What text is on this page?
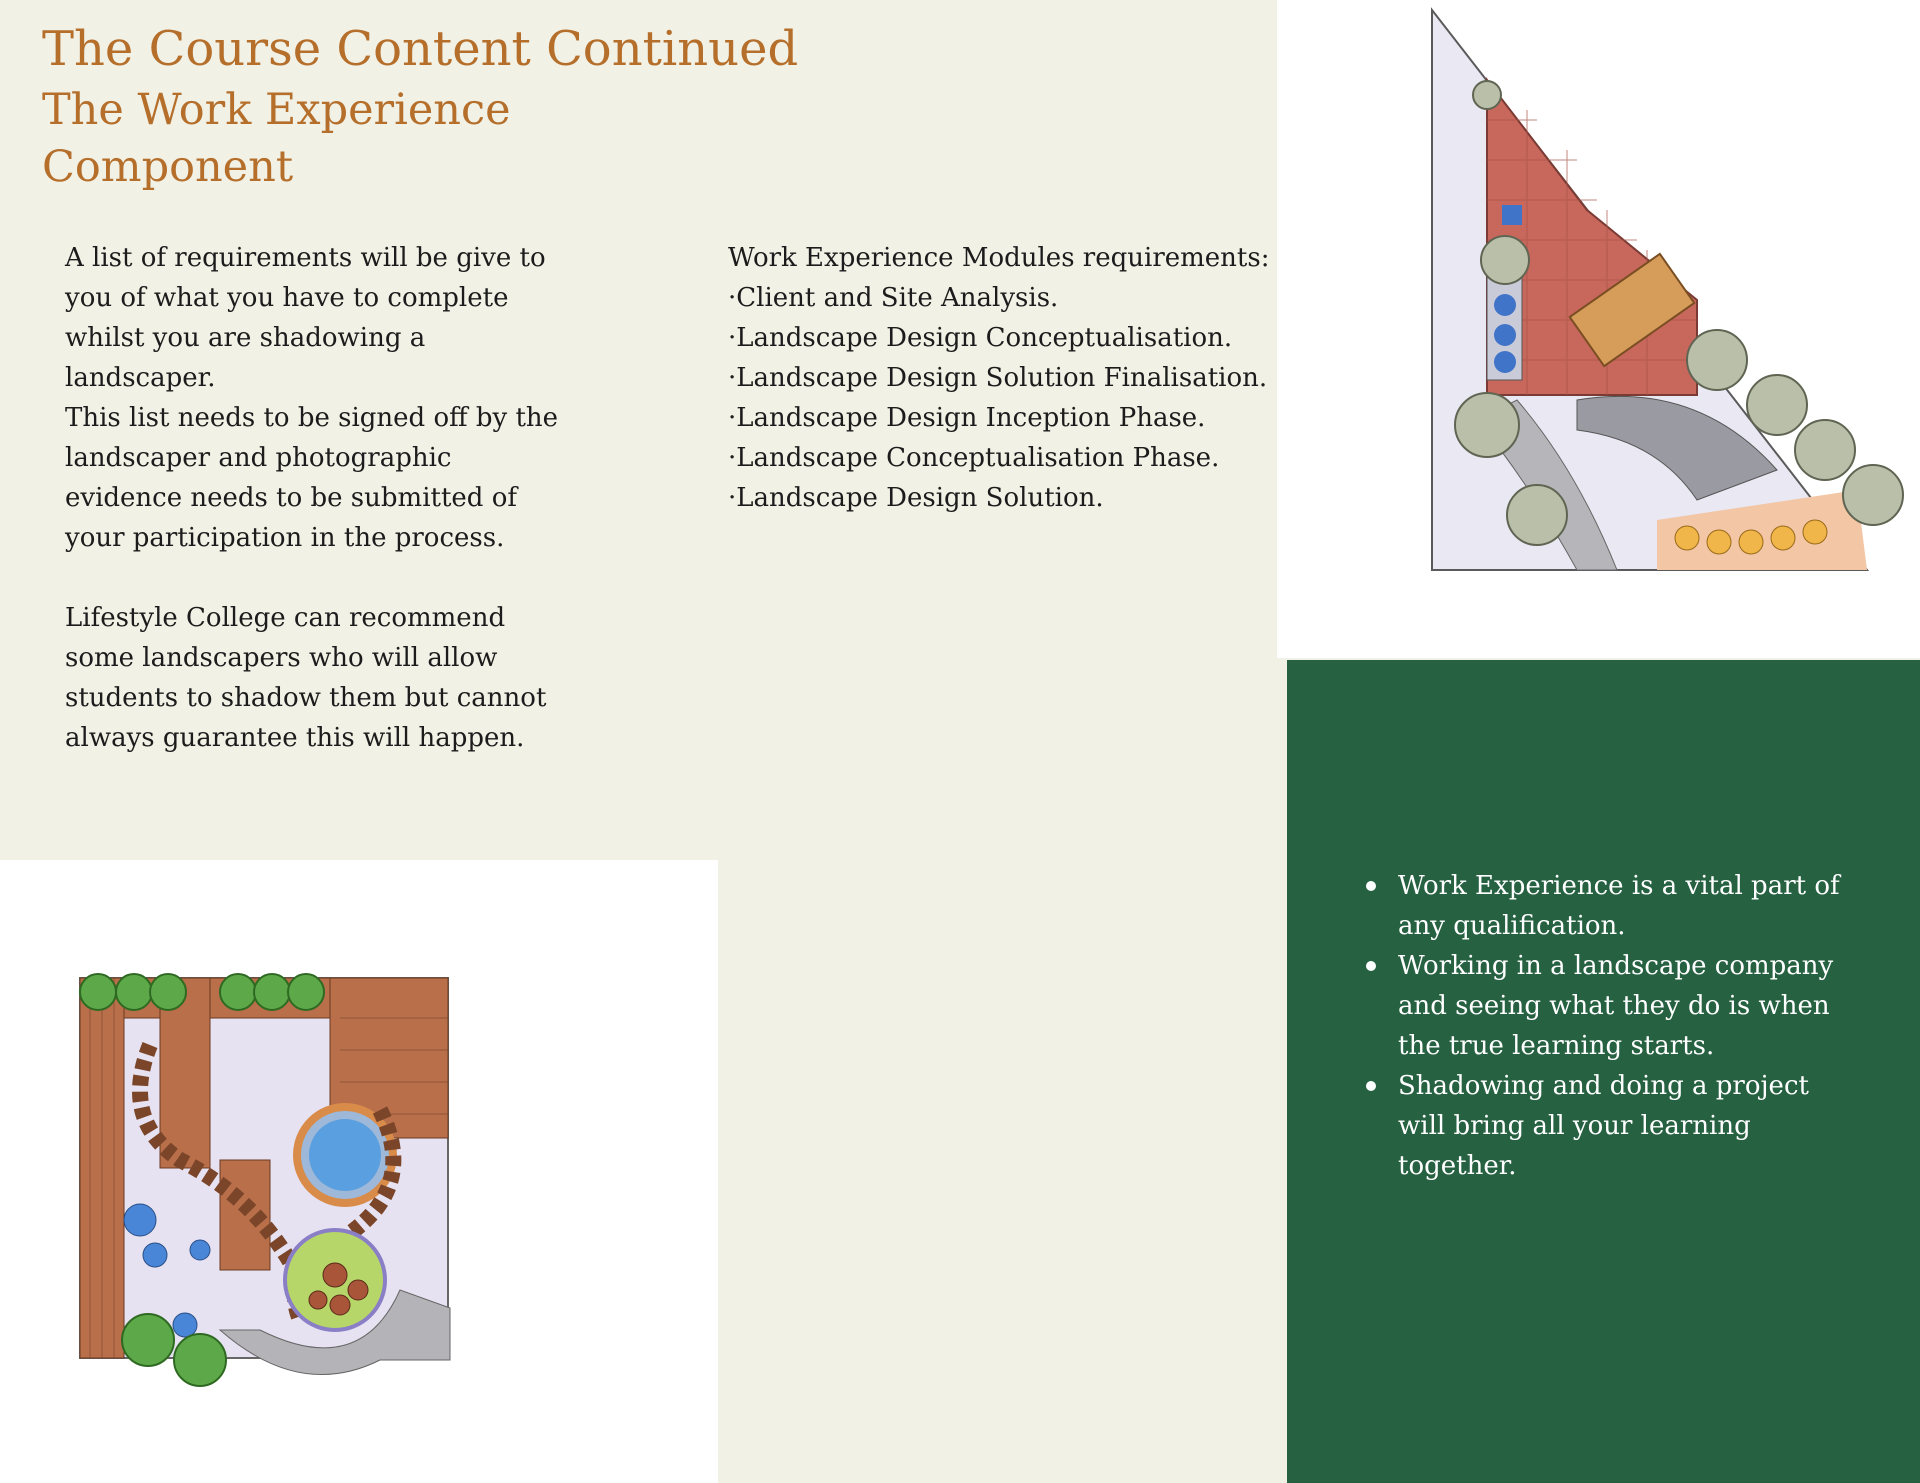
The Course Content Continued
The Work Experience Component

A list of requirements will be give to you of what you have to complete whilst you are shadowing a landscaper.

This list needs to be signed off by the landscaper and photographic evidence needs to be submitted of your participation in the process.

Lifestyle College can recommend some landscapers who will allow students to shadow them but cannot always guarantee this will happen.

Work Experience Modules requirements:
·Client and Site Analysis.
·Landscape Design Conceptualisation.
·Landscape Design Solution Finalisation.
·Landscape Design Inception Phase.
·Landscape Conceptualisation Phase.
·Landscape Design Solution.
Work Experience is a vital part of any qualification.
Working in a landscape company and seeing what they do is when the true learning starts.
Shadowing and doing a project will bring all your learning together.
